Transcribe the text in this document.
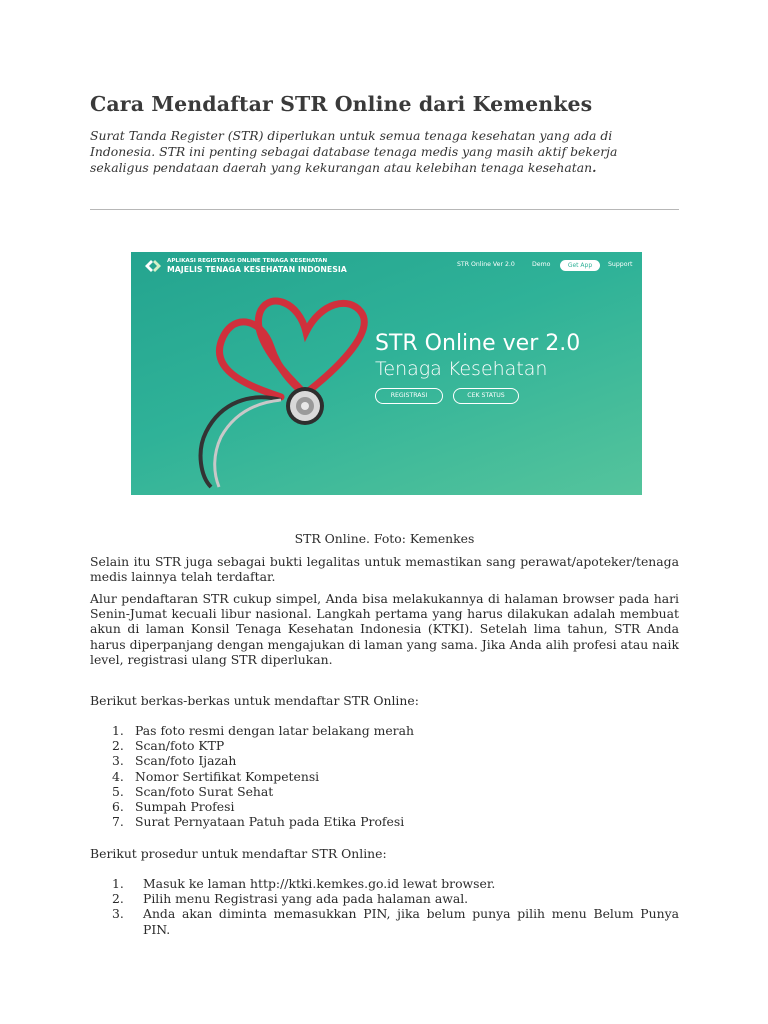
Cara Mendaftar STR Online dari Kemenkes

Surat Tanda Register (STR) diperlukan untuk semua tenaga kesehatan yang ada di Indonesia. STR ini penting sebagai database tenaga medis yang masih aktif bekerja sekaligus pendataan daerah yang kekurangan atau kelebihan tenaga kesehatan.

APLIKASI REGISTRASI ONLINE TENAGA KESEHATAN
MAJELIS TENAGA KESEHATAN INDONESIA
STR Online Ver 2.0	Demo	Get App	Support
STR Online ver 2.0
Tenaga Kesehatan
REGISTRASI	CEK STATUS
STR Online. Foto: Kemenkes

Selain itu STR juga sebagai bukti legalitas untuk memastikan sang perawat/apoteker/tenaga medis lainnya telah terdaftar.

Alur pendaftaran STR cukup simpel, Anda bisa melakukannya di halaman browser pada hari Senin-Jumat kecuali libur nasional. Langkah pertama yang harus dilakukan adalah membuat akun di laman Konsil Tenaga Kesehatan Indonesia (KTKI). Setelah lima tahun, STR Anda harus diperpanjang dengan mengajukan di laman yang sama. Jika Anda alih profesi atau naik level, registrasi ulang STR diperlukan.

Berikut berkas-berkas untuk mendaftar STR Online:

1. Pas foto resmi dengan latar belakang merah
2. Scan/foto KTP
3. Scan/foto Ijazah
4. Nomor Sertifikat Kompetensi
5. Scan/foto Surat Sehat
6. Sumpah Profesi
7. Surat Pernyataan Patuh pada Etika Profesi

Berikut prosedur untuk mendaftar STR Online:

1. Masuk ke laman http://ktki.kemkes.go.id lewat browser.
2. Pilih menu Registrasi yang ada pada halaman awal.
3. Anda akan diminta memasukkan PIN, jika belum punya pilih menu Belum Punya PIN.
